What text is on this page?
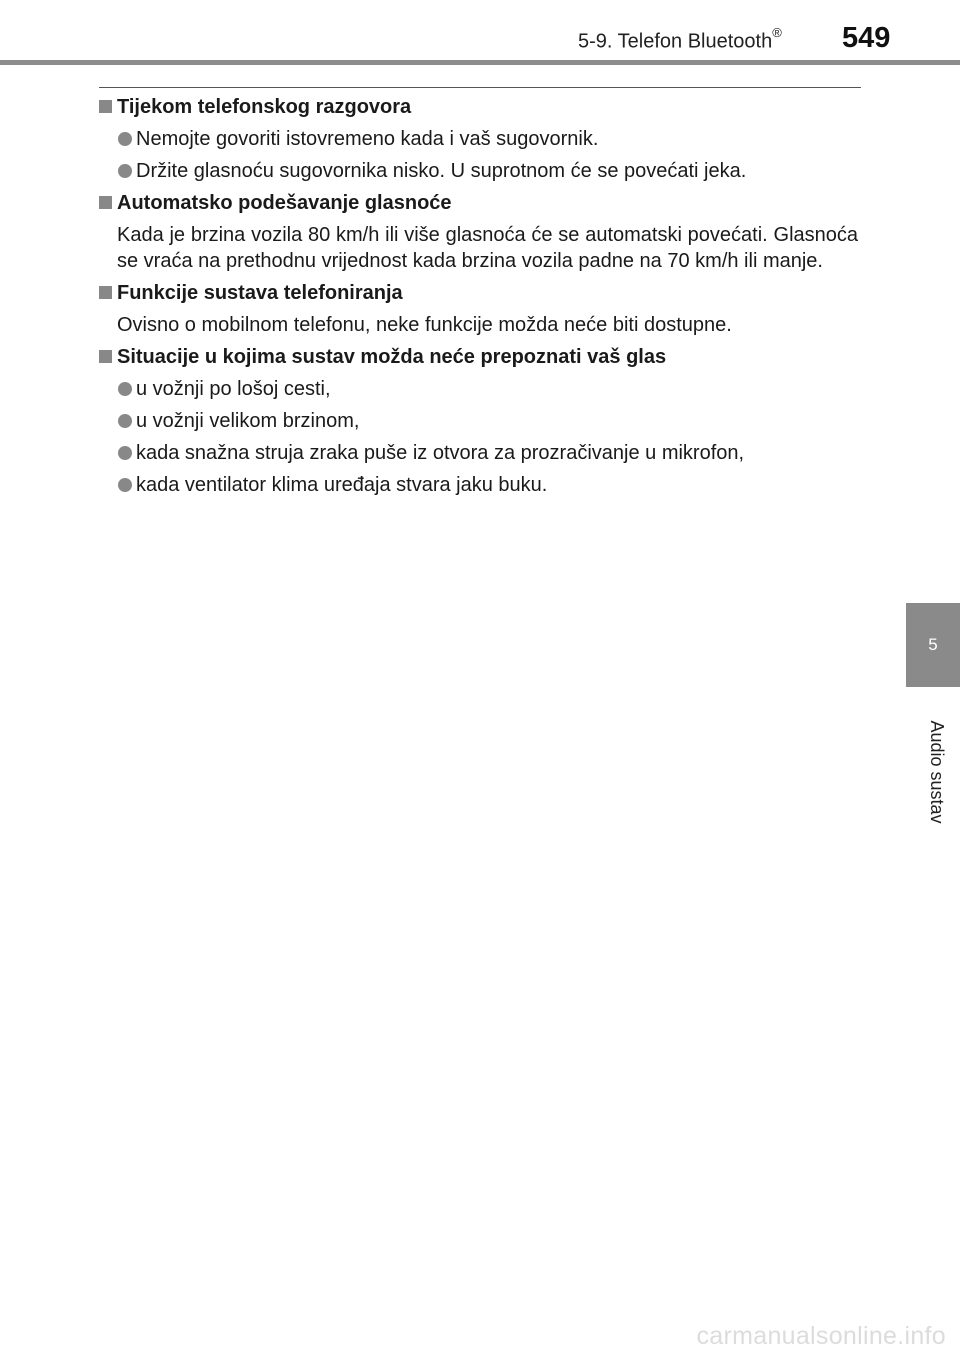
5-9. Telefon Bluetooth® 549
Tijekom telefonskog razgovora
Nemojte govoriti istovremeno kada i vaš sugovornik.
Držite glasnoću sugovornika nisko. U suprotnom će se povećati jeka.
Automatsko podešavanje glasnoće
Kada je brzina vozila 80 km/h ili više glasnoća će se automatski povećati. Glasnoća se vraća na prethodnu vrijednost kada brzina vozila padne na 70 km/h ili manje.
Funkcije sustava telefoniranja
Ovisno o mobilnom telefonu, neke funkcije možda neće biti dostupne.
Situacije u kojima sustav možda neće prepoznati vaš glas
u vožnji po lošoj cesti,
u vožnji velikom brzinom,
kada snažna struja zraka puše iz otvora za prozračivanje u mikrofon,
kada ventilator klima uređaja stvara jaku buku.
5
Audio sustav
carmanualsonline.info
